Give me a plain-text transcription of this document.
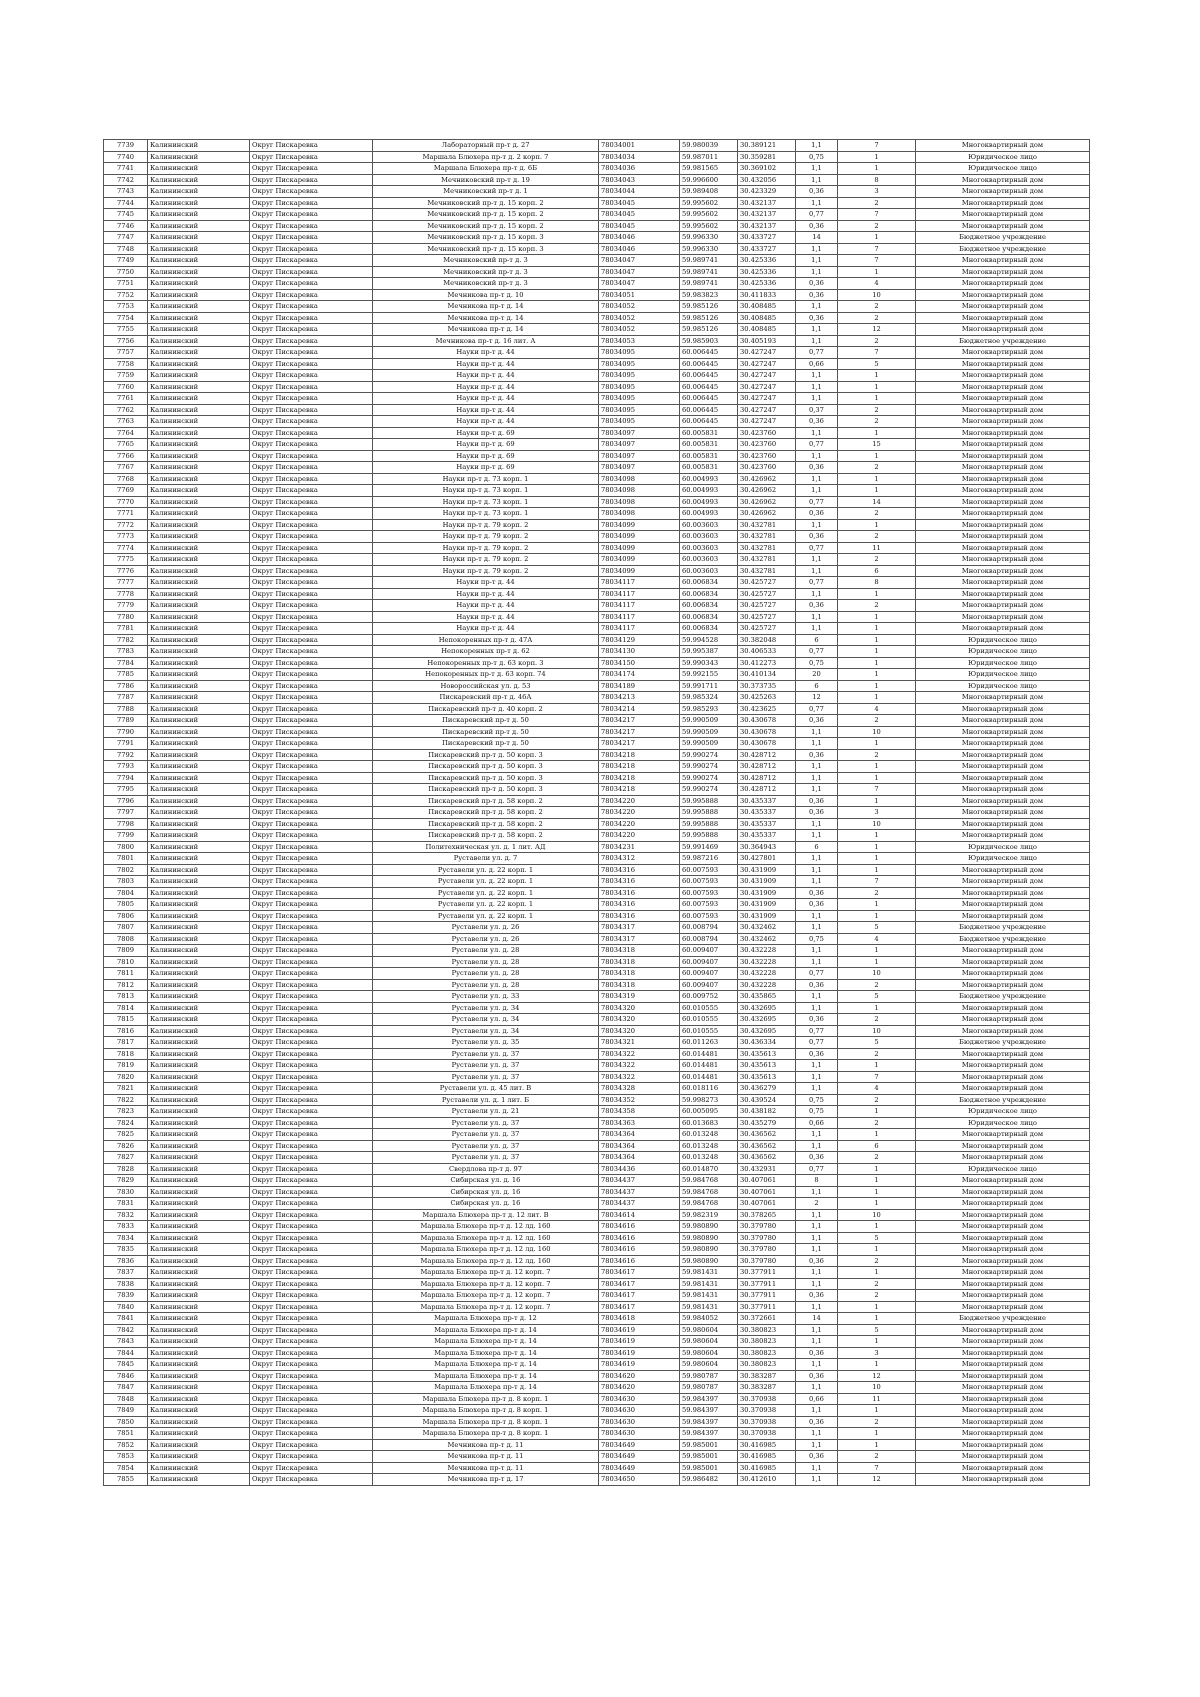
7739	Калининский	Округ Пискаревка	Лабораторный пр-т д. 27	78034001	59.980039	30.389121	1,1	7	Многоквартирный дом
7740	Калининский	Округ Пискаревка	Маршала Блюхера пр-т д. 2 корп. 7	78034034	59.987011	30.359281	0,75	1	Юридическое лицо
7741	Калининский	Округ Пискаревка	Маршала Блюхера пр-т д. 6Б	78034036	59.981565	30.369102	1,1	1	Юридическое лицо
7742	Калининский	Округ Пискаревка	Мечниковский пр-т д. 19	78034043	59.996600	30.432056	1,1	8	Многоквартирный дом
7743	Калининский	Округ Пискаревка	Мечниковский пр-т д. 1	78034044	59.989408	30.423329	0,36	3	Многоквартирный дом
7744	Калининский	Округ Пискаревка	Мечниковский пр-т д. 15 корп. 2	78034045	59.995602	30.432137	1,1	2	Многоквартирный дом
7745	Калининский	Округ Пискаревка	Мечниковский пр-т д. 15 корп. 2	78034045	59.995602	30.432137	0,77	7	Многоквартирный дом
7746	Калининский	Округ Пискаревка	Мечниковский пр-т д. 15 корп. 2	78034045	59.995602	30.432137	0,36	2	Многоквартирный дом
7747	Калининский	Округ Пискаревка	Мечниковский пр-т д. 15 корп. 3	78034046	59.996330	30.433727	14	1	Бюджетное учреждение
7748	Калининский	Округ Пискаревка	Мечниковский пр-т д. 15 корп. 3	78034046	59.996330	30.433727	1,1	7	Бюджетное учреждение
7749	Калининский	Округ Пискаревка	Мечниковский пр-т д. 3	78034047	59.989741	30.425336	1,1	7	Многоквартирный дом
7750	Калининский	Округ Пискаревка	Мечниковский пр-т д. 3	78034047	59.989741	30.425336	1,1	1	Многоквартирный дом
7751	Калининский	Округ Пискаревка	Мечниковский пр-т д. 3	78034047	59.989741	30.425336	0,36	4	Многоквартирный дом
7752	Калининский	Округ Пискаревка	Мечникова пр-т д. 10	78034051	59.983823	30.411833	0,36	10	Многоквартирный дом
7753	Калининский	Округ Пискаревка	Мечникова пр-т д. 14	78034052	59.985126	30.408485	1,1	2	Многоквартирный дом
7754	Калининский	Округ Пискаревка	Мечникова пр-т д. 14	78034052	59.985126	30.408485	0,36	2	Многоквартирный дом
7755	Калининский	Округ Пискаревка	Мечникова пр-т д. 14	78034052	59.985126	30.408485	1,1	12	Многоквартирный дом
7756	Калининский	Округ Пискаревка	Мечникова пр-т д. 16 лит. А	78034053	59.985903	30.405193	1,1	2	Бюджетное учреждение
7757	Калининский	Округ Пискаревка	Науки пр-т д. 44	78034095	60.006445	30.427247	0,77	7	Многоквартирный дом
7758	Калининский	Округ Пискаревка	Науки пр-т д. 44	78034095	60.006445	30.427247	0,66	5	Многоквартирный дом
7759	Калининский	Округ Пискаревка	Науки пр-т д. 44	78034095	60.006445	30.427247	1,1	1	Многоквартирный дом
7760	Калининский	Округ Пискаревка	Науки пр-т д. 44	78034095	60.006445	30.427247	1,1	1	Многоквартирный дом
7761	Калининский	Округ Пискаревка	Науки пр-т д. 44	78034095	60.006445	30.427247	1,1	1	Многоквартирный дом
7762	Калининский	Округ Пискаревка	Науки пр-т д. 44	78034095	60.006445	30.427247	0,37	2	Многоквартирный дом
7763	Калининский	Округ Пискаревка	Науки пр-т д. 44	78034095	60.006445	30.427247	0,36	2	Многоквартирный дом
7764	Калининский	Округ Пискаревка	Науки пр-т д. 69	78034097	60.005831	30.423760	1,1	1	Многоквартирный дом
7765	Калининский	Округ Пискаревка	Науки пр-т д. 69	78034097	60.005831	30.423760	0,77	15	Многоквартирный дом
7766	Калининский	Округ Пискаревка	Науки пр-т д. 69	78034097	60.005831	30.423760	1,1	1	Многоквартирный дом
7767	Калининский	Округ Пискаревка	Науки пр-т д. 69	78034097	60.005831	30.423760	0,36	2	Многоквартирный дом
7768	Калининский	Округ Пискаревка	Науки пр-т д. 73 корп. 1	78034098	60.004993	30.426962	1,1	1	Многоквартирный дом
7769	Калининский	Округ Пискаревка	Науки пр-т д. 73 корп. 1	78034098	60.004993	30.426962	1,1	1	Многоквартирный дом
7770	Калининский	Округ Пискаревка	Науки пр-т д. 73 корп. 1	78034098	60.004993	30.426962	0,77	14	Многоквартирный дом
7771	Калининский	Округ Пискаревка	Науки пр-т д. 73 корп. 1	78034098	60.004993	30.426962	0,36	2	Многоквартирный дом
7772	Калининский	Округ Пискаревка	Науки пр-т д. 79 корп. 2	78034099	60.003603	30.432781	1,1	1	Многоквартирный дом
7773	Калининский	Округ Пискаревка	Науки пр-т д. 79 корп. 2	78034099	60.003603	30.432781	0,36	2	Многоквартирный дом
7774	Калининский	Округ Пискаревка	Науки пр-т д. 79 корп. 2	78034099	60.003603	30.432781	0,77	11	Многоквартирный дом
7775	Калининский	Округ Пискаревка	Науки пр-т д. 79 корп. 2	78034099	60.003603	30.432781	1,1	2	Многоквартирный дом
7776	Калининский	Округ Пискаревка	Науки пр-т д. 79 корп. 2	78034099	60.003603	30.432781	1,1	6	Многоквартирный дом
7777	Калининский	Округ Пискаревка	Науки пр-т д. 44	78034117	60.006834	30.425727	0,77	8	Многоквартирный дом
7778	Калининский	Округ Пискаревка	Науки пр-т д. 44	78034117	60.006834	30.425727	1,1	1	Многоквартирный дом
7779	Калининский	Округ Пискаревка	Науки пр-т д. 44	78034117	60.006834	30.425727	0,36	2	Многоквартирный дом
7780	Калининский	Округ Пискаревка	Науки пр-т д. 44	78034117	60.006834	30.425727	1,1	1	Многоквартирный дом
7781	Калининский	Округ Пискаревка	Науки пр-т д. 44	78034117	60.006834	30.425727	1,1	1	Многоквартирный дом
7782	Калининский	Округ Пискаревка	Непокоренных пр-т д. 47А	78034129	59.994528	30.382048	6	1	Юридическое лицо
7783	Калининский	Округ Пискаревка	Непокоренных пр-т д. 62	78034130	59.995387	30.406533	0,77	1	Юридическое лицо
7784	Калининский	Округ Пискаревка	Непокоренных пр-т д. 63 корп. 3	78034150	59.990343	30.412273	0,75	1	Юридическое лицо
7785	Калининский	Округ Пискаревка	Непокоренных пр-т д. 63 корп. 74	78034174	59.992155	30.410134	20	1	Юридическое лицо
7786	Калининский	Округ Пискаревка	Новороссийская ул. д. 53	78034189	59.991711	30.373735	6	1	Юридическое лицо
7787	Калининский	Округ Пискаревка	Пискаревский пр-т д. 46А	78034213	59.985324	30.425263	12	1	Многоквартирный дом
7788	Калининский	Округ Пискаревка	Пискаревский пр-т д. 40 корп. 2	78034214	59.985293	30.423625	0,77	4	Многоквартирный дом
7789	Калининский	Округ Пискаревка	Пискаревский пр-т д. 50	78034217	59.990509	30.430678	0,36	2	Многоквартирный дом
7790	Калининский	Округ Пискаревка	Пискаревский пр-т д. 50	78034217	59.990509	30.430678	1,1	10	Многоквартирный дом
7791	Калининский	Округ Пискаревка	Пискаревский пр-т д. 50	78034217	59.990509	30.430678	1,1	1	Многоквартирный дом
7792	Калининский	Округ Пискаревка	Пискаревский пр-т д. 50 корп. 3	78034218	59.990274	30.428712	0,36	2	Многоквартирный дом
7793	Калининский	Округ Пискаревка	Пискаревский пр-т д. 50 корп. 3	78034218	59.990274	30.428712	1,1	1	Многоквартирный дом
7794	Калининский	Округ Пискаревка	Пискаревский пр-т д. 50 корп. 3	78034218	59.990274	30.428712	1,1	1	Многоквартирный дом
7795	Калининский	Округ Пискаревка	Пискаревский пр-т д. 50 корп. 3	78034218	59.990274	30.428712	1,1	7	Многоквартирный дом
7796	Калининский	Округ Пискаревка	Пискаревский пр-т д. 58 корп. 2	78034220	59.995888	30.435337	0,36	1	Многоквартирный дом
7797	Калининский	Округ Пискаревка	Пискаревский пр-т д. 58 корп. 2	78034220	59.995888	30.435337	0,36	3	Многоквартирный дом
7798	Калининский	Округ Пискаревка	Пискаревский пр-т д. 58 корп. 2	78034220	59.995888	30.435337	1,1	10	Многоквартирный дом
7799	Калининский	Округ Пискаревка	Пискаревский пр-т д. 58 корп. 2	78034220	59.995888	30.435337	1,1	1	Многоквартирный дом
7800	Калининский	Округ Пискаревка	Политехническая ул. д. 1 лит. АД	78034231	59.991469	30.364943	6	1	Юридическое лицо
7801	Калининский	Округ Пискаревка	Руставели ул. д. 7	78034312	59.987216	30.427801	1,1	1	Юридическое лицо
7802	Калининский	Округ Пискаревка	Руставели ул. д. 22 корп. 1	78034316	60.007593	30.431909	1,1	1	Многоквартирный дом
7803	Калининский	Округ Пискаревка	Руставели ул. д. 22 корп. 1	78034316	60.007593	30.431909	1,1	7	Многоквартирный дом
7804	Калининский	Округ Пискаревка	Руставели ул. д. 22 корп. 1	78034316	60.007593	30.431909	0,36	2	Многоквартирный дом
7805	Калининский	Округ Пискаревка	Руставели ул. д. 22 корп. 1	78034316	60.007593	30.431909	0,36	1	Многоквартирный дом
7806	Калининский	Округ Пискаревка	Руставели ул. д. 22 корп. 1	78034316	60.007593	30.431909	1,1	1	Многоквартирный дом
7807	Калининский	Округ Пискаревка	Руставели ул. д. 26	78034317	60.008794	30.432462	1,1	5	Бюджетное учреждение
7808	Калининский	Округ Пискаревка	Руставели ул. д. 26	78034317	60.008794	30.432462	0,75	4	Бюджетное учреждение
7809	Калининский	Округ Пискаревка	Руставели ул. д. 28	78034318	60.009407	30.432228	1,1	1	Многоквартирный дом
7810	Калининский	Округ Пискаревка	Руставели ул. д. 28	78034318	60.009407	30.432228	1,1	1	Многоквартирный дом
7811	Калининский	Округ Пискаревка	Руставели ул. д. 28	78034318	60.009407	30.432228	0,77	10	Многоквартирный дом
7812	Калининский	Округ Пискаревка	Руставели ул. д. 28	78034318	60.009407	30.432228	0,36	2	Многоквартирный дом
7813	Калининский	Округ Пискаревка	Руставели ул. д. 33	78034319	60.009752	30.435865	1,1	5	Бюджетное учреждение
7814	Калининский	Округ Пискаревка	Руставели ул. д. 34	78034320	60.010555	30.432695	1,1	1	Многоквартирный дом
7815	Калининский	Округ Пискаревка	Руставели ул. д. 34	78034320	60.010555	30.432695	0,36	2	Многоквартирный дом
7816	Калининский	Округ Пискаревка	Руставели ул. д. 34	78034320	60.010555	30.432695	0,77	10	Многоквартирный дом
7817	Калининский	Округ Пискаревка	Руставели ул. д. 35	78034321	60.011263	30.436334	0,77	5	Бюджетное учреждение
7818	Калининский	Округ Пискаревка	Руставели ул. д. 37	78034322	60.014481	30.435613	0,36	2	Многоквартирный дом
7819	Калининский	Округ Пискаревка	Руставели ул. д. 37	78034322	60.014481	30.435613	1,1	1	Многоквартирный дом
7820	Калининский	Округ Пискаревка	Руставели ул. д. 37	78034322	60.014481	30.435613	1,1	7	Многоквартирный дом
7821	Калининский	Округ Пискаревка	Руставели ул. д. 45 лит. В	78034328	60.018116	30.436279	1,1	4	Многоквартирный дом
7822	Калининский	Округ Пискаревка	Руставели ул. д. 1 лит. Б	78034352	59.998273	30.439524	0,75	2	Бюджетное учреждение
7823	Калининский	Округ Пискаревка	Руставели ул. д. 21	78034358	60.005095	30.438182	0,75	1	Юридическое лицо
7824	Калининский	Округ Пискаревка	Руставели ул. д. 37	78034363	60.013683	30.435279	0,66	2	Юридическое лицо
7825	Калининский	Округ Пискаревка	Руставели ул. д. 37	78034364	60.013248	30.436562	1,1	1	Многоквартирный дом
7826	Калининский	Округ Пискаревка	Руставели ул. д. 37	78034364	60.013248	30.436562	1,1	6	Многоквартирный дом
7827	Калининский	Округ Пискаревка	Руставели ул. д. 37	78034364	60.013248	30.436562	0,36	2	Многоквартирный дом
7828	Калининский	Округ Пискаревка	Свердлова пр-т д. 97	78034436	60.014870	30.432931	0,77	1	Юридическое лицо
7829	Калининский	Округ Пискаревка	Сибирская ул. д. 16	78034437	59.984768	30.407061	8	1	Многоквартирный дом
7830	Калининский	Округ Пискаревка	Сибирская ул. д. 16	78034437	59.984768	30.407061	1,1	1	Многоквартирный дом
7831	Калининский	Округ Пискаревка	Сибирская ул. д. 16	78034437	59.984768	30.407061	2	1	Многоквартирный дом
7832	Калининский	Округ Пискаревка	Маршала Блюхера пр-т д. 12 лит. В	78034614	59.982319	30.378265	1,1	10	Многоквартирный дом
7833	Калининский	Округ Пискаревка	Маршала Блюхера пр-т д. 12 лд. 160	78034616	59.980890	30.379780	1,1	1	Многоквартирный дом
7834	Калининский	Округ Пискаревка	Маршала Блюхера пр-т д. 12 лд. 160	78034616	59.980890	30.379780	1,1	5	Многоквартирный дом
7835	Калининский	Округ Пискаревка	Маршала Блюхера пр-т д. 12 лд. 160	78034616	59.980890	30.379780	1,1	1	Многоквартирный дом
7836	Калининский	Округ Пискаревка	Маршала Блюхера пр-т д. 12 лд. 160	78034616	59.980890	30.379780	0,36	2	Многоквартирный дом
7837	Калининский	Округ Пискаревка	Маршала Блюхера пр-т д. 12 корп. 7	78034617	59.981431	30.377911	1,1	1	Многоквартирный дом
7838	Калининский	Округ Пискаревка	Маршала Блюхера пр-т д. 12 корп. 7	78034617	59.981431	30.377911	1,1	2	Многоквартирный дом
7839	Калининский	Округ Пискаревка	Маршала Блюхера пр-т д. 12 корп. 7	78034617	59.981431	30.377911	0,36	2	Многоквартирный дом
7840	Калининский	Округ Пискаревка	Маршала Блюхера пр-т д. 12 корп. 7	78034617	59.981431	30.377911	1,1	1	Многоквартирный дом
7841	Калининский	Округ Пискаревка	Маршала Блюхера пр-т д. 12	78034618	59.984052	30.372661	14	1	Бюджетное учреждение
7842	Калининский	Округ Пискаревка	Маршала Блюхера пр-т д. 14	78034619	59.980604	30.380823	1,1	5	Многоквартирный дом
7843	Калининский	Округ Пискаревка	Маршала Блюхера пр-т д. 14	78034619	59.980604	30.380823	1,1	1	Многоквартирный дом
7844	Калининский	Округ Пискаревка	Маршала Блюхера пр-т д. 14	78034619	59.980604	30.380823	0,36	3	Многоквартирный дом
7845	Калининский	Округ Пискаревка	Маршала Блюхера пр-т д. 14	78034619	59.980604	30.380823	1,1	1	Многоквартирный дом
7846	Калининский	Округ Пискаревка	Маршала Блюхера пр-т д. 14	78034620	59.980787	30.383287	0,36	12	Многоквартирный дом
7847	Калининский	Округ Пискаревка	Маршала Блюхера пр-т д. 14	78034620	59.980787	30.383287	1,1	10	Многоквартирный дом
7848	Калининский	Округ Пискаревка	Маршала Блюхера пр-т д. 8 корп. 1	78034630	59.984397	30.370938	0,66	11	Многоквартирный дом
7849	Калининский	Округ Пискаревка	Маршала Блюхера пр-т д. 8 корп. 1	78034630	59.984397	30.370938	1,1	1	Многоквартирный дом
7850	Калининский	Округ Пискаревка	Маршала Блюхера пр-т д. 8 корп. 1	78034630	59.984397	30.370938	0,36	2	Многоквартирный дом
7851	Калининский	Округ Пискаревка	Маршала Блюхера пр-т д. 8 корп. 1	78034630	59.984397	30.370938	1,1	1	Многоквартирный дом
7852	Калининский	Округ Пискаревка	Мечникова пр-т д. 11	78034649	59.985001	30.416985	1,1	1	Многоквартирный дом
7853	Калининский	Округ Пискаревка	Мечникова пр-т д. 11	78034649	59.985001	30.416985	0,36	2	Многоквартирный дом
7854	Калининский	Округ Пискаревка	Мечникова пр-т д. 11	78034649	59.985001	30.416985	1,1	7	Многоквартирный дом
7855	Калининский	Округ Пискаревка	Мечникова пр-т д. 17	78034650	59.986482	30.412610	1,1	12	Многоквартирный дом
